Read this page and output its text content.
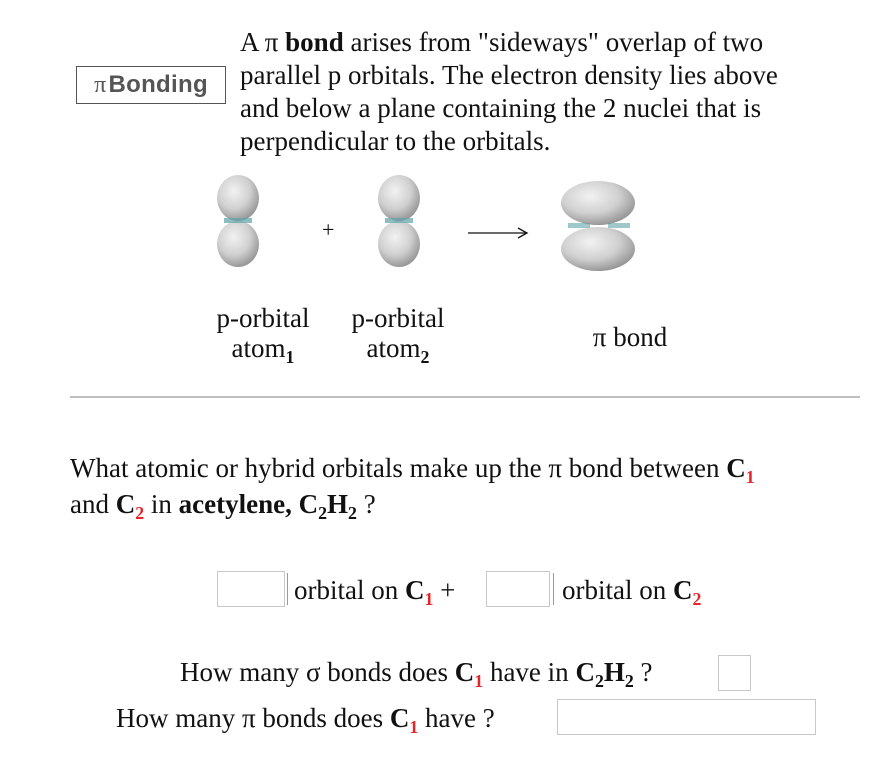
π Bonding
A π bond arises from "sideways" overlap of two
parallel p orbitals. The electron density lies above
and below a plane containing the 2 nuclei that is
perpendicular to the orbitals.
+
p-orbital
atom$_1$
p-orbital
atom$_2$
π bond
What atomic or hybrid orbitals make up the π bond between $C_1$
and $C_2$ in acetylene, $C_2H_2$ ?
orbital on $C_1$ +	orbital on $C_2$
How many σ bonds does $C_1$ have in $C_2H_2$ ?
How many π bonds does $C_1$ have ?
